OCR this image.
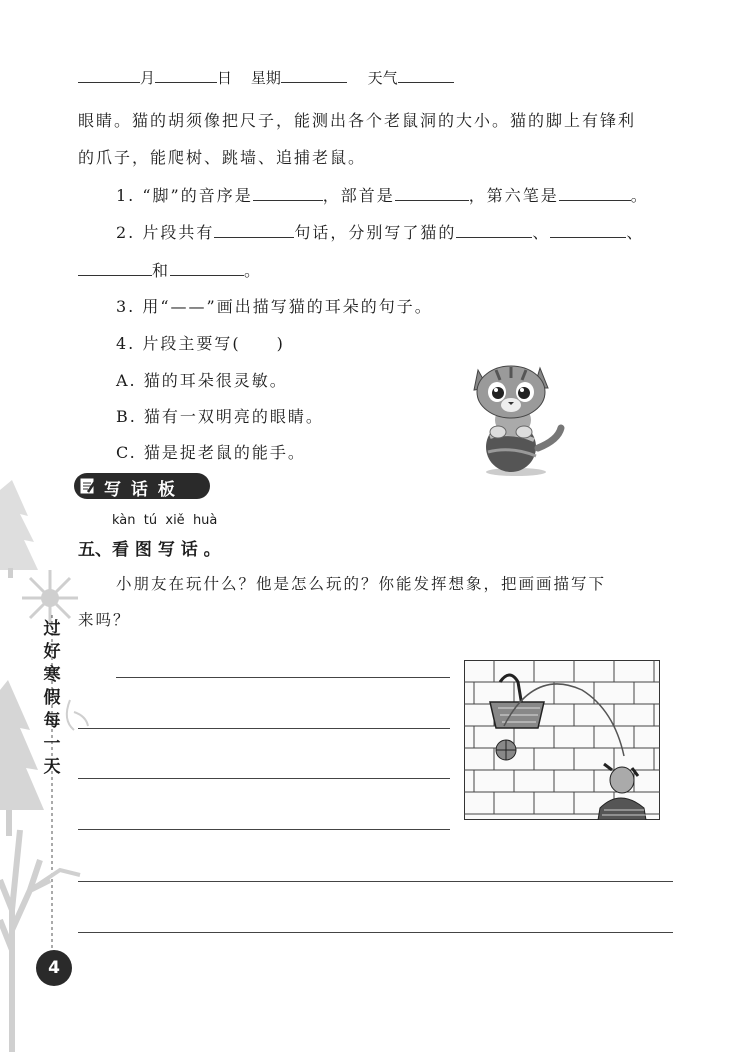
月	日 星期	天气
眼睛。猫的胡须像把尺子，能测出各个老鼠洞的大小。猫的脚上有锋利
的爪子，能爬树、跳墙、追捕老鼠。
1. “脚”的音序是	，部首是	，第六笔是	。
2. 片段共有	句话，分别写了猫的	、	、
和	。
3. 用“——”画出描写猫的耳朵的句子。
4. 片段主要写(　　)
A. 猫的耳朵很灵敏。
B. 猫有一双明亮的眼睛。
C. 猫是捉老鼠的能手。
写 话 板
kàn  tú  xiě  huà
五、看 图 写 话 。
小朋友在玩什么？他是怎么玩的？你能发挥想象，把画画描写下
来吗？
过
好
寒
假
每
一
天
4
